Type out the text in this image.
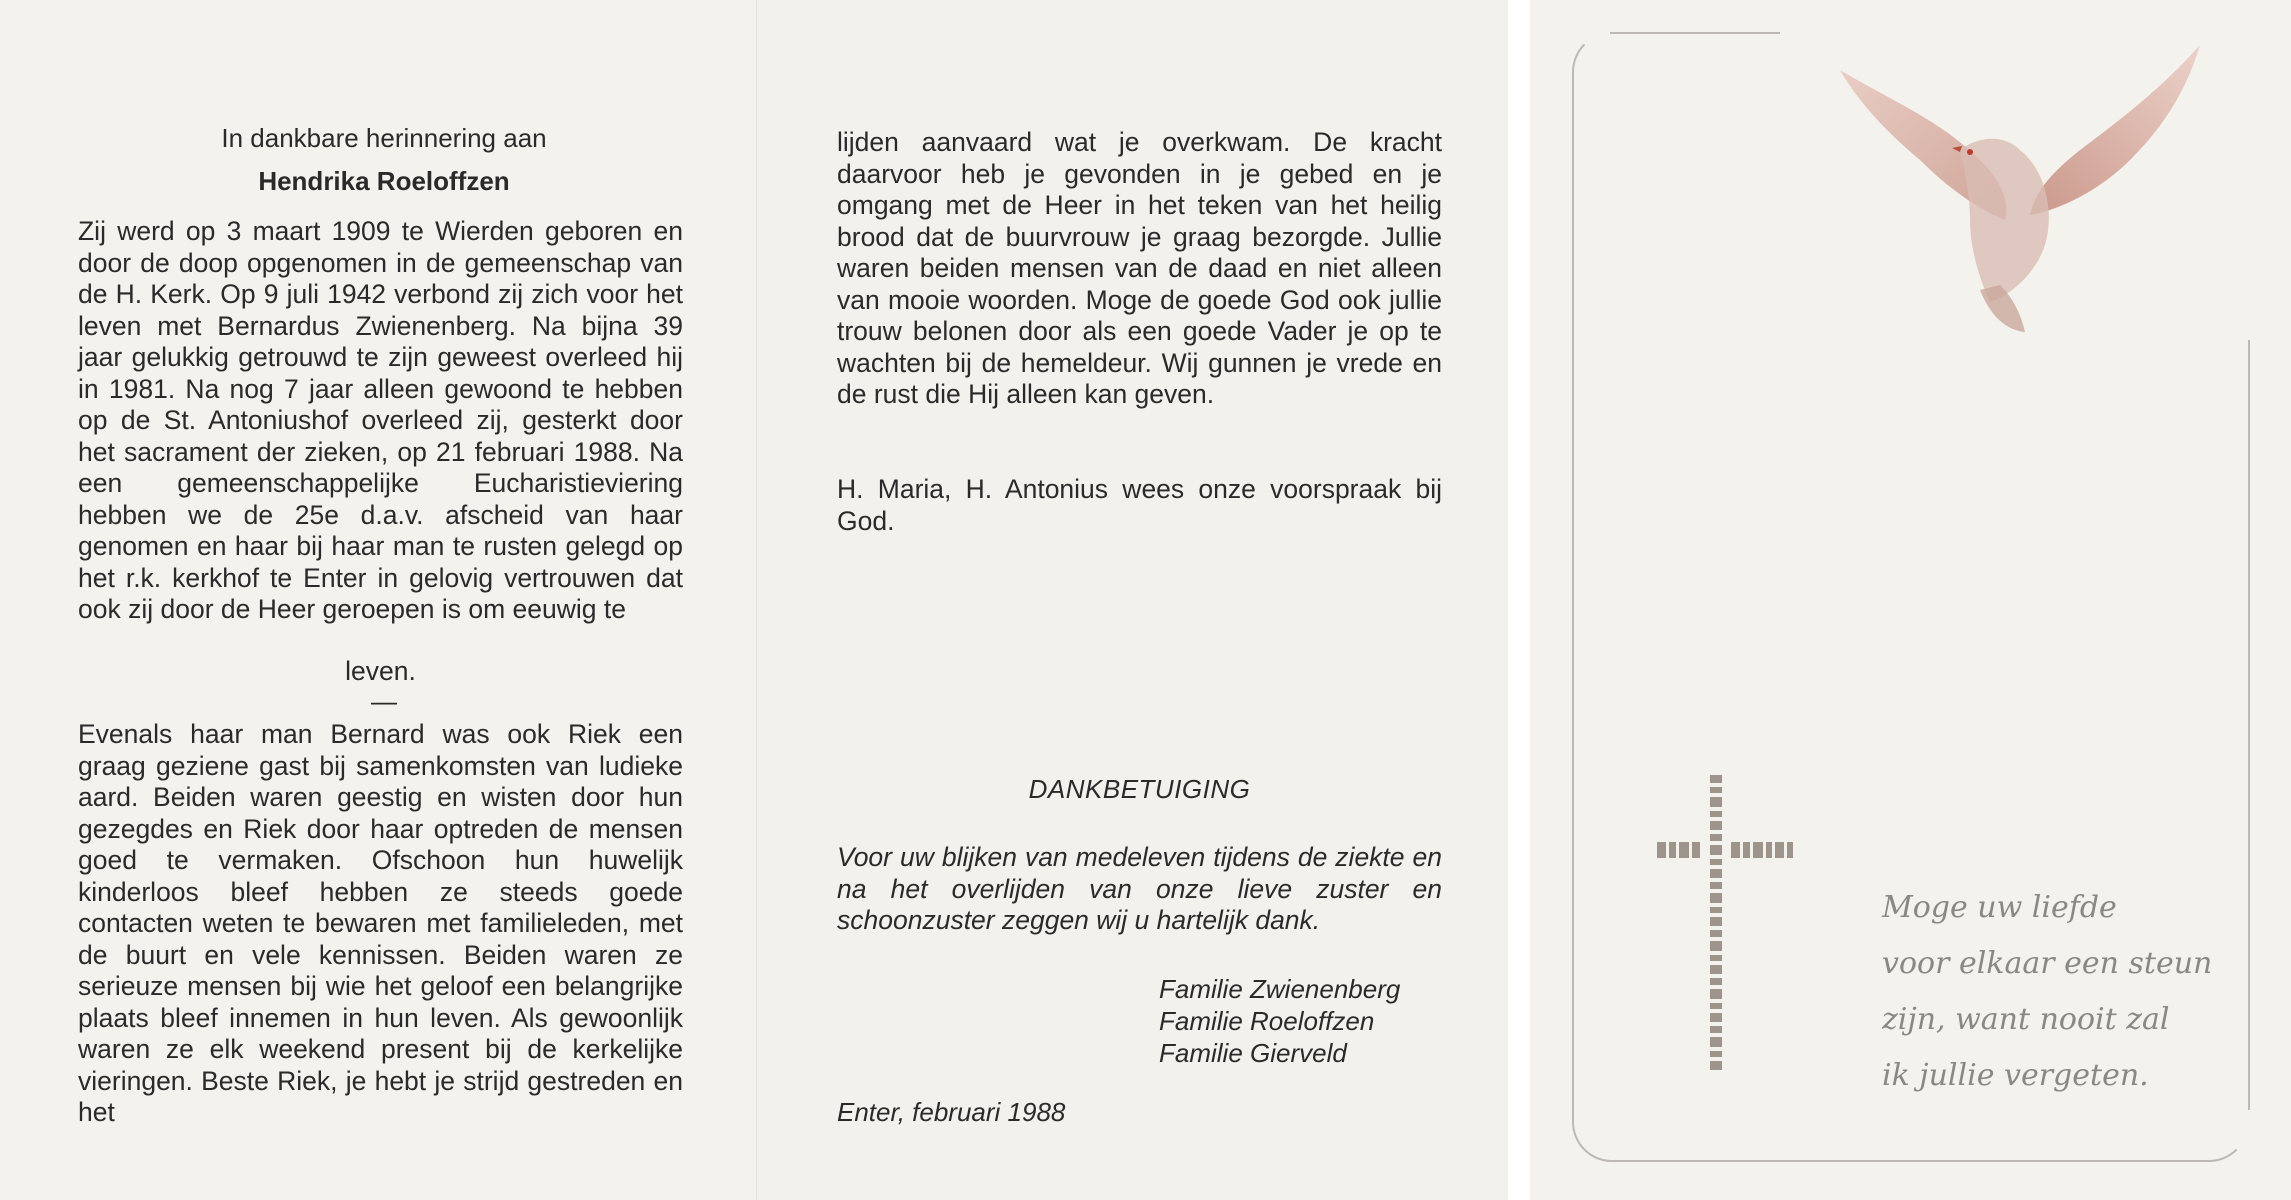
In dankbare herinnering aan
Hendrika Roeloffzen

Zij werd op 3 maart 1909 te Wierden geboren en door de doop opgenomen in de gemeenschap van de H. Kerk. Op 9 juli 1942 verbond zij zich voor het leven met Bernardus Zwienenberg. Na bijna 39 jaar gelukkig getrouwd te zijn geweest overleed hij in 1981. Na nog 7 jaar alleen gewoond te hebben op de St. Antoniushof overleed zij, gesterkt door het sacrament der zieken, op 21 februari 1988. Na een gemeenschappelijke Eucharistieviering hebben we de 25e d.a.v. afscheid van haar genomen en haar bij haar man te rusten gelegd op het r.k. kerkhof te Enter in gelovig vertrouwen dat ook zij door de Heer geroepen is om eeuwig te

leven.
—

Evenals haar man Bernard was ook Riek een graag geziene gast bij samenkomsten van ludieke aard. Beiden waren geestig en wisten door hun gezegdes en Riek door haar optreden de mensen goed te vermaken. Ofschoon hun huwelijk kinderloos bleef hebben ze steeds goede contacten weten te bewaren met familieleden, met de buurt en vele kennissen. Beiden waren ze serieuze mensen bij wie het geloof een belangrijke plaats bleef innemen in hun leven. Als gewoonlijk waren ze elk weekend present bij de kerkelijke vieringen. Beste Riek, je hebt je strijd gestreden en het

lijden aanvaard wat je overkwam. De kracht daarvoor heb je gevonden in je gebed en je omgang met de Heer in het teken van het heilig brood dat de buurvrouw je graag bezorgde. Jullie waren beiden mensen van de daad en niet alleen van mooie woorden. Moge de goede God ook jullie trouw belonen door als een goede Vader je op te wachten bij de hemeldeur. Wij gunnen je vrede en de rust die Hij alleen kan geven.

H. Maria, H. Antonius wees onze voorspraak bij God.

DANKBETUIGING

Voor uw blijken van medeleven tijdens de ziekte en na het overlijden van onze lieve zuster en schoonzuster zeggen wij u hartelijk dank.

Familie Zwienenberg
Familie Roeloffzen
Familie Gierveld
Enter, februari 1988
Moge uw liefde
voor elkaar een steun
zijn, want nooit zal
ik jullie vergeten.
